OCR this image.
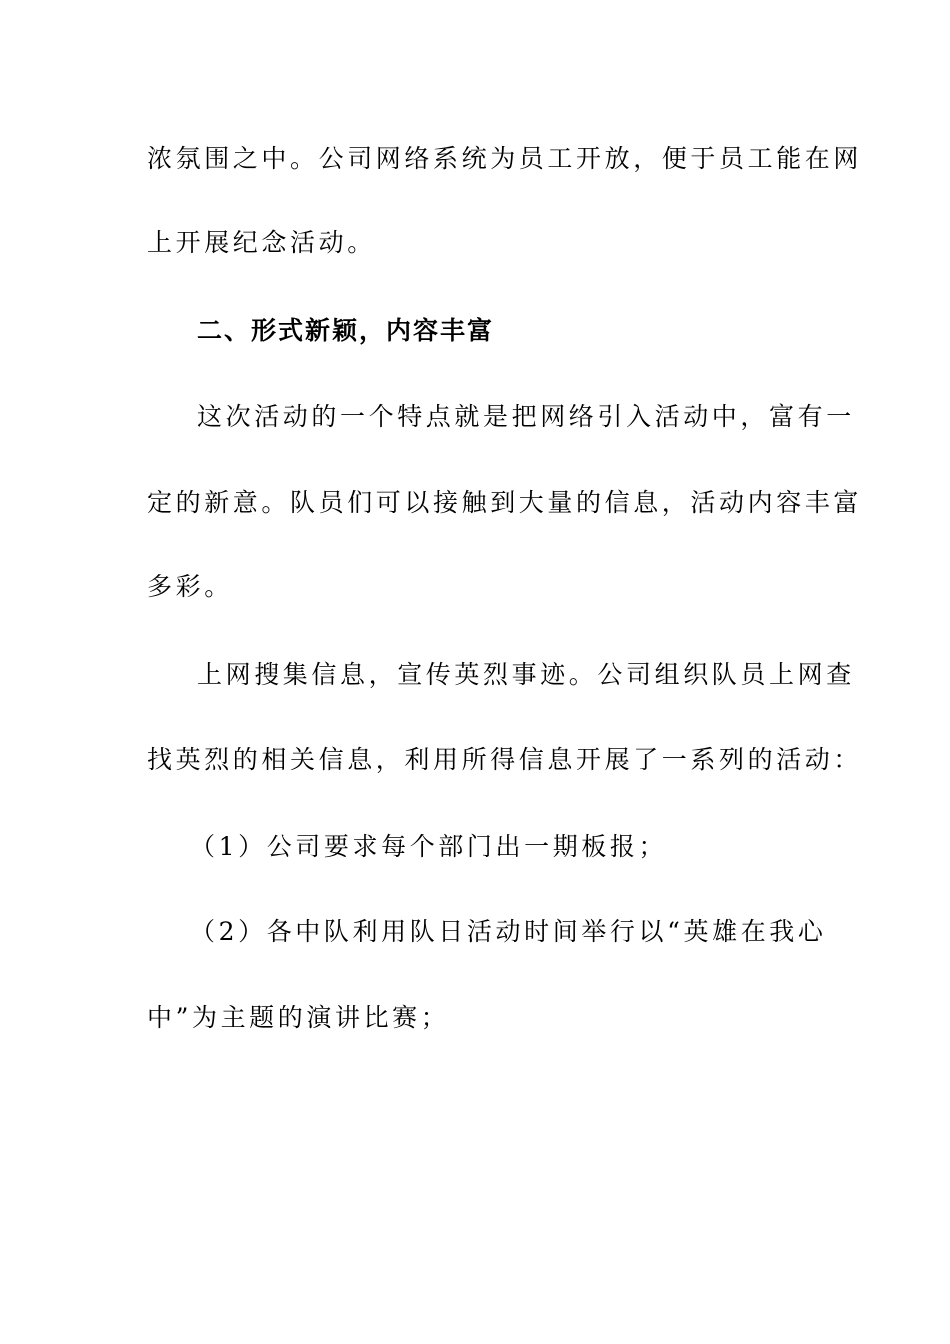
浓氛围之中。公司网络系统为员工开放，便于员工能在网
上开展纪念活动。
二、形式新颖，内容丰富
这次活动的一个特点就是把网络引入活动中，富有一
定的新意。队员们可以接触到大量的信息，活动内容丰富
多彩。
上网搜集信息，宣传英烈事迹。公司组织队员上网查
找英烈的相关信息，利用所得信息开展了一系列的活动：
（1）公司要求每个部门出一期板报；
（2）各中队利用队日活动时间举行以“英雄在我心
中”为主题的演讲比赛；
